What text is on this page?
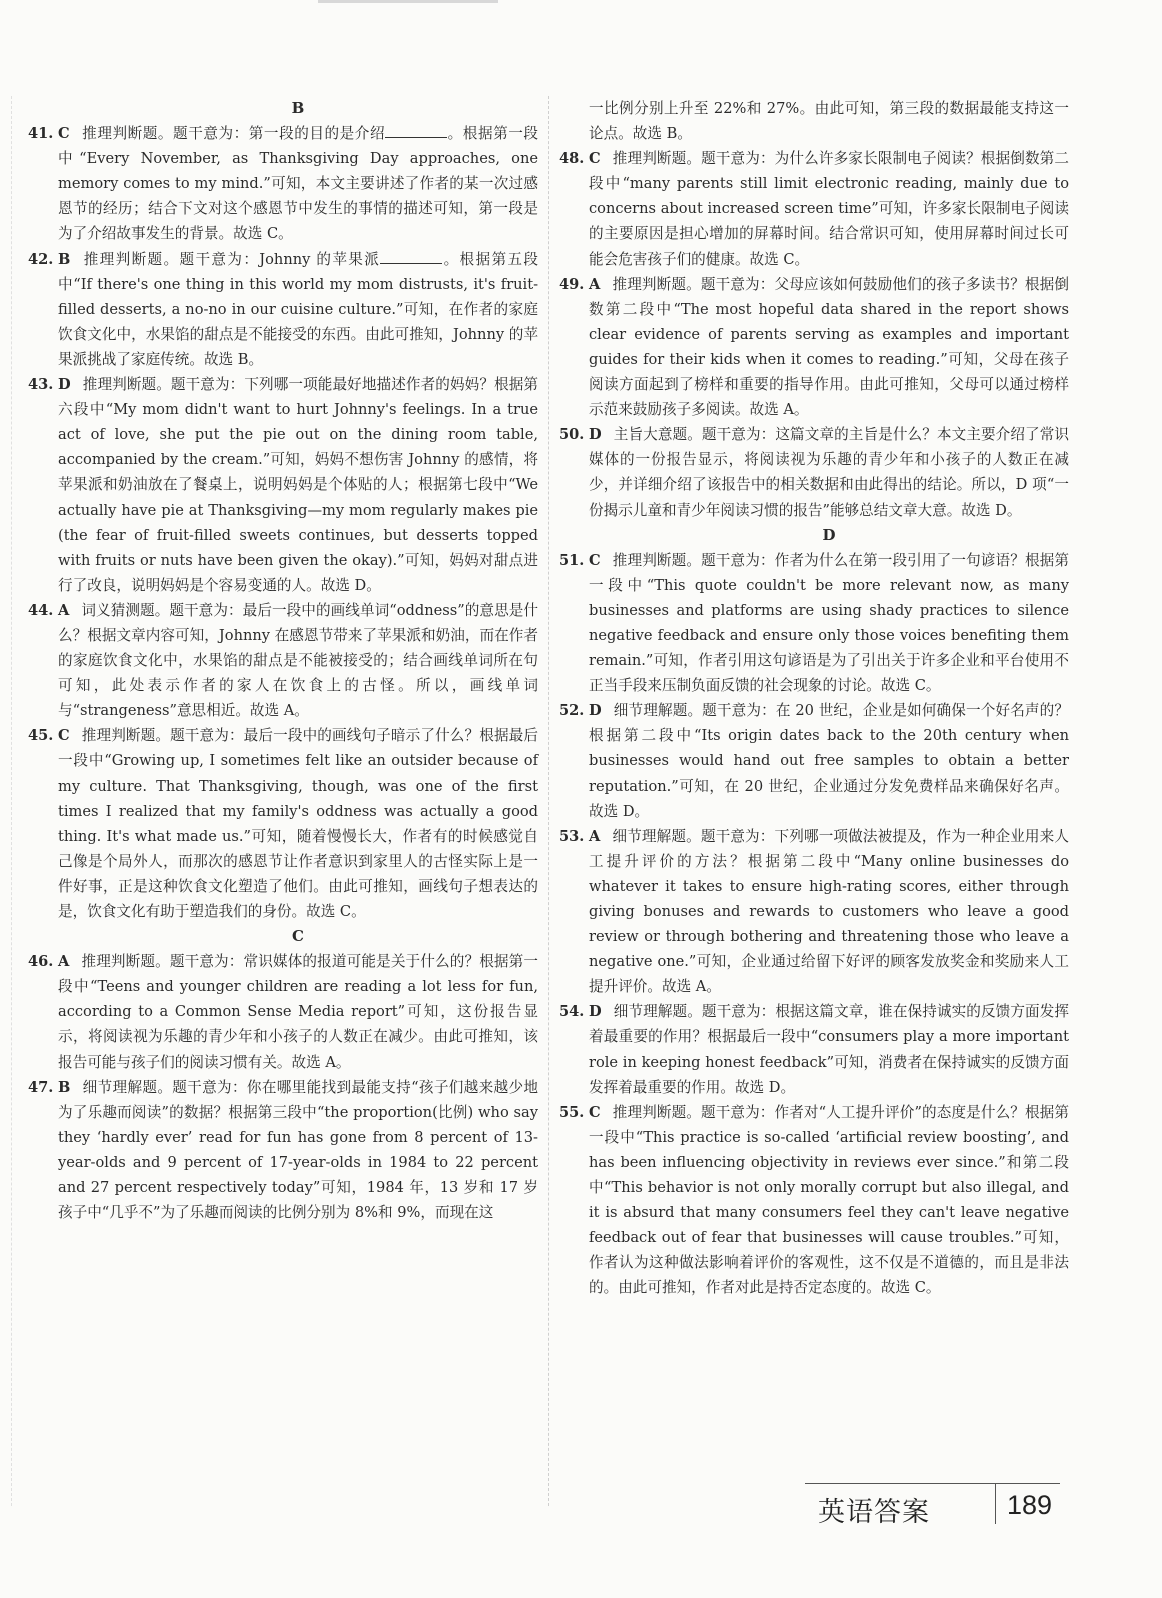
B

41. C 推理判断题。题干意为：第一段的目的是介绍	。根据第一段中“Every November, as Thanksgiving Day approaches, one memory comes to my mind.”可知，本文主要讲述了作者的某一次过感恩节的经历；结合下文对这个感恩节中发生的事情的描述可知，第一段是为了介绍故事发生的背景。故选 C。

42. B 推理判断题。题干意为：Johnny 的苹果派	。根据第五段中“If there's one thing in this world my mom distrusts, it's fruit-filled desserts, a no-no in our cuisine culture.”可知，在作者的家庭饮食文化中，水果馅的甜点是不能接受的东西。由此可推知，Johnny 的苹果派挑战了家庭传统。故选 B。

43. D 推理判断题。题干意为：下列哪一项能最好地描述作者的妈妈？根据第六段中“My mom didn't want to hurt Johnny's feelings. In a true act of love, she put the pie out on the dining room table, accompanied by the cream.”可知，妈妈不想伤害 Johnny 的感情，将苹果派和奶油放在了餐桌上，说明妈妈是个体贴的人；根据第七段中“We actually have pie at Thanksgiving—my mom regularly makes pie (the fear of fruit-filled sweets continues, but desserts topped with fruits or nuts have been given the okay).”可知，妈妈对甜点进行了改良，说明妈妈是个容易变通的人。故选 D。

44. A 词义猜测题。题干意为：最后一段中的画线单词“oddness”的意思是什么？根据文章内容可知，Johnny 在感恩节带来了苹果派和奶油，而在作者的家庭饮食文化中，水果馅的甜点是不能被接受的；结合画线单词所在句可知，此处表示作者的家人在饮食上的古怪。所以，画线单词与“strangeness”意思相近。故选 A。

45. C 推理判断题。题干意为：最后一段中的画线句子暗示了什么？根据最后一段中“Growing up, I sometimes felt like an outsider because of my culture. That Thanksgiving, though, was one of the first times I realized that my family's oddness was actually a good thing. It's what made us.”可知，随着慢慢长大，作者有的时候感觉自己像是个局外人，而那次的感恩节让作者意识到家里人的古怪实际上是一件好事，正是这种饮食文化塑造了他们。由此可推知，画线句子想表达的是，饮食文化有助于塑造我们的身份。故选 C。

C

46. A 推理判断题。题干意为：常识媒体的报道可能是关于什么的？根据第一段中“Teens and younger children are reading a lot less for fun, according to a Common Sense Media report”可知，这份报告显示，将阅读视为乐趣的青少年和小孩子的人数正在减少。由此可推知，该报告可能与孩子们的阅读习惯有关。故选 A。

47. B 细节理解题。题干意为：你在哪里能找到最能支持“孩子们越来越少地为了乐趣而阅读”的数据？根据第三段中“the proportion(比例) who say they ‘hardly ever’ read for fun has gone from 8 percent of 13-year-olds and 9 percent of 17-year-olds in 1984 to 22 percent and 27 percent respectively today”可知，1984 年，13 岁和 17 岁孩子中“几乎不”为了乐趣而阅读的比例分别为 8%和 9%，而现在这

一比例分别上升至 22%和 27%。由此可知，第三段的数据最能支持这一论点。故选 B。

48. C 推理判断题。题干意为：为什么许多家长限制电子阅读？根据倒数第二段中“many parents still limit electronic reading, mainly due to concerns about increased screen time”可知，许多家长限制电子阅读的主要原因是担心增加的屏幕时间。结合常识可知，使用屏幕时间过长可能会危害孩子们的健康。故选 C。

49. A 推理判断题。题干意为：父母应该如何鼓励他们的孩子多读书？根据倒数第二段中“The most hopeful data shared in the report shows clear evidence of parents serving as examples and important guides for their kids when it comes to reading.”可知，父母在孩子阅读方面起到了榜样和重要的指导作用。由此可推知，父母可以通过榜样示范来鼓励孩子多阅读。故选 A。

50. D 主旨大意题。题干意为：这篇文章的主旨是什么？本文主要介绍了常识媒体的一份报告显示，将阅读视为乐趣的青少年和小孩子的人数正在减少，并详细介绍了该报告中的相关数据和由此得出的结论。所以，D 项“一份揭示儿童和青少年阅读习惯的报告”能够总结文章大意。故选 D。

D

51. C 推理判断题。题干意为：作者为什么在第一段引用了一句谚语？根据第一段中“This quote couldn't be more relevant now, as many businesses and platforms are using shady practices to silence negative feedback and ensure only those voices benefiting them remain.”可知，作者引用这句谚语是为了引出关于许多企业和平台使用不正当手段来压制负面反馈的社会现象的讨论。故选 C。

52. D 细节理解题。题干意为：在 20 世纪，企业是如何确保一个好名声的？根据第二段中“Its origin dates back to the 20th century when businesses would hand out free samples to obtain a better reputation.”可知，在 20 世纪，企业通过分发免费样品来确保好名声。故选 D。

53. A 细节理解题。题干意为：下列哪一项做法被提及，作为一种企业用来人工提升评价的方法？根据第二段中“Many online businesses do whatever it takes to ensure high-rating scores, either through giving bonuses and rewards to customers who leave a good review or through bothering and threatening those who leave a negative one.”可知，企业通过给留下好评的顾客发放奖金和奖励来人工提升评价。故选 A。

54. D 细节理解题。题干意为：根据这篇文章，谁在保持诚实的反馈方面发挥着最重要的作用？根据最后一段中“consumers play a more important role in keeping honest feedback”可知，消费者在保持诚实的反馈方面发挥着最重要的作用。故选 D。

55. C 推理判断题。题干意为：作者对“人工提升评价”的态度是什么？根据第一段中“This practice is so-called ‘artificial review boosting’, and has been influencing objectivity in reviews ever since.”和第二段中“This behavior is not only morally corrupt but also illegal, and it is absurd that many consumers feel they can't leave negative feedback out of fear that businesses will cause troubles.”可知，作者认为这种做法影响着评价的客观性，这不仅是不道德的，而且是非法的。由此可推知，作者对此是持否定态度的。故选 C。

英语答案	189
